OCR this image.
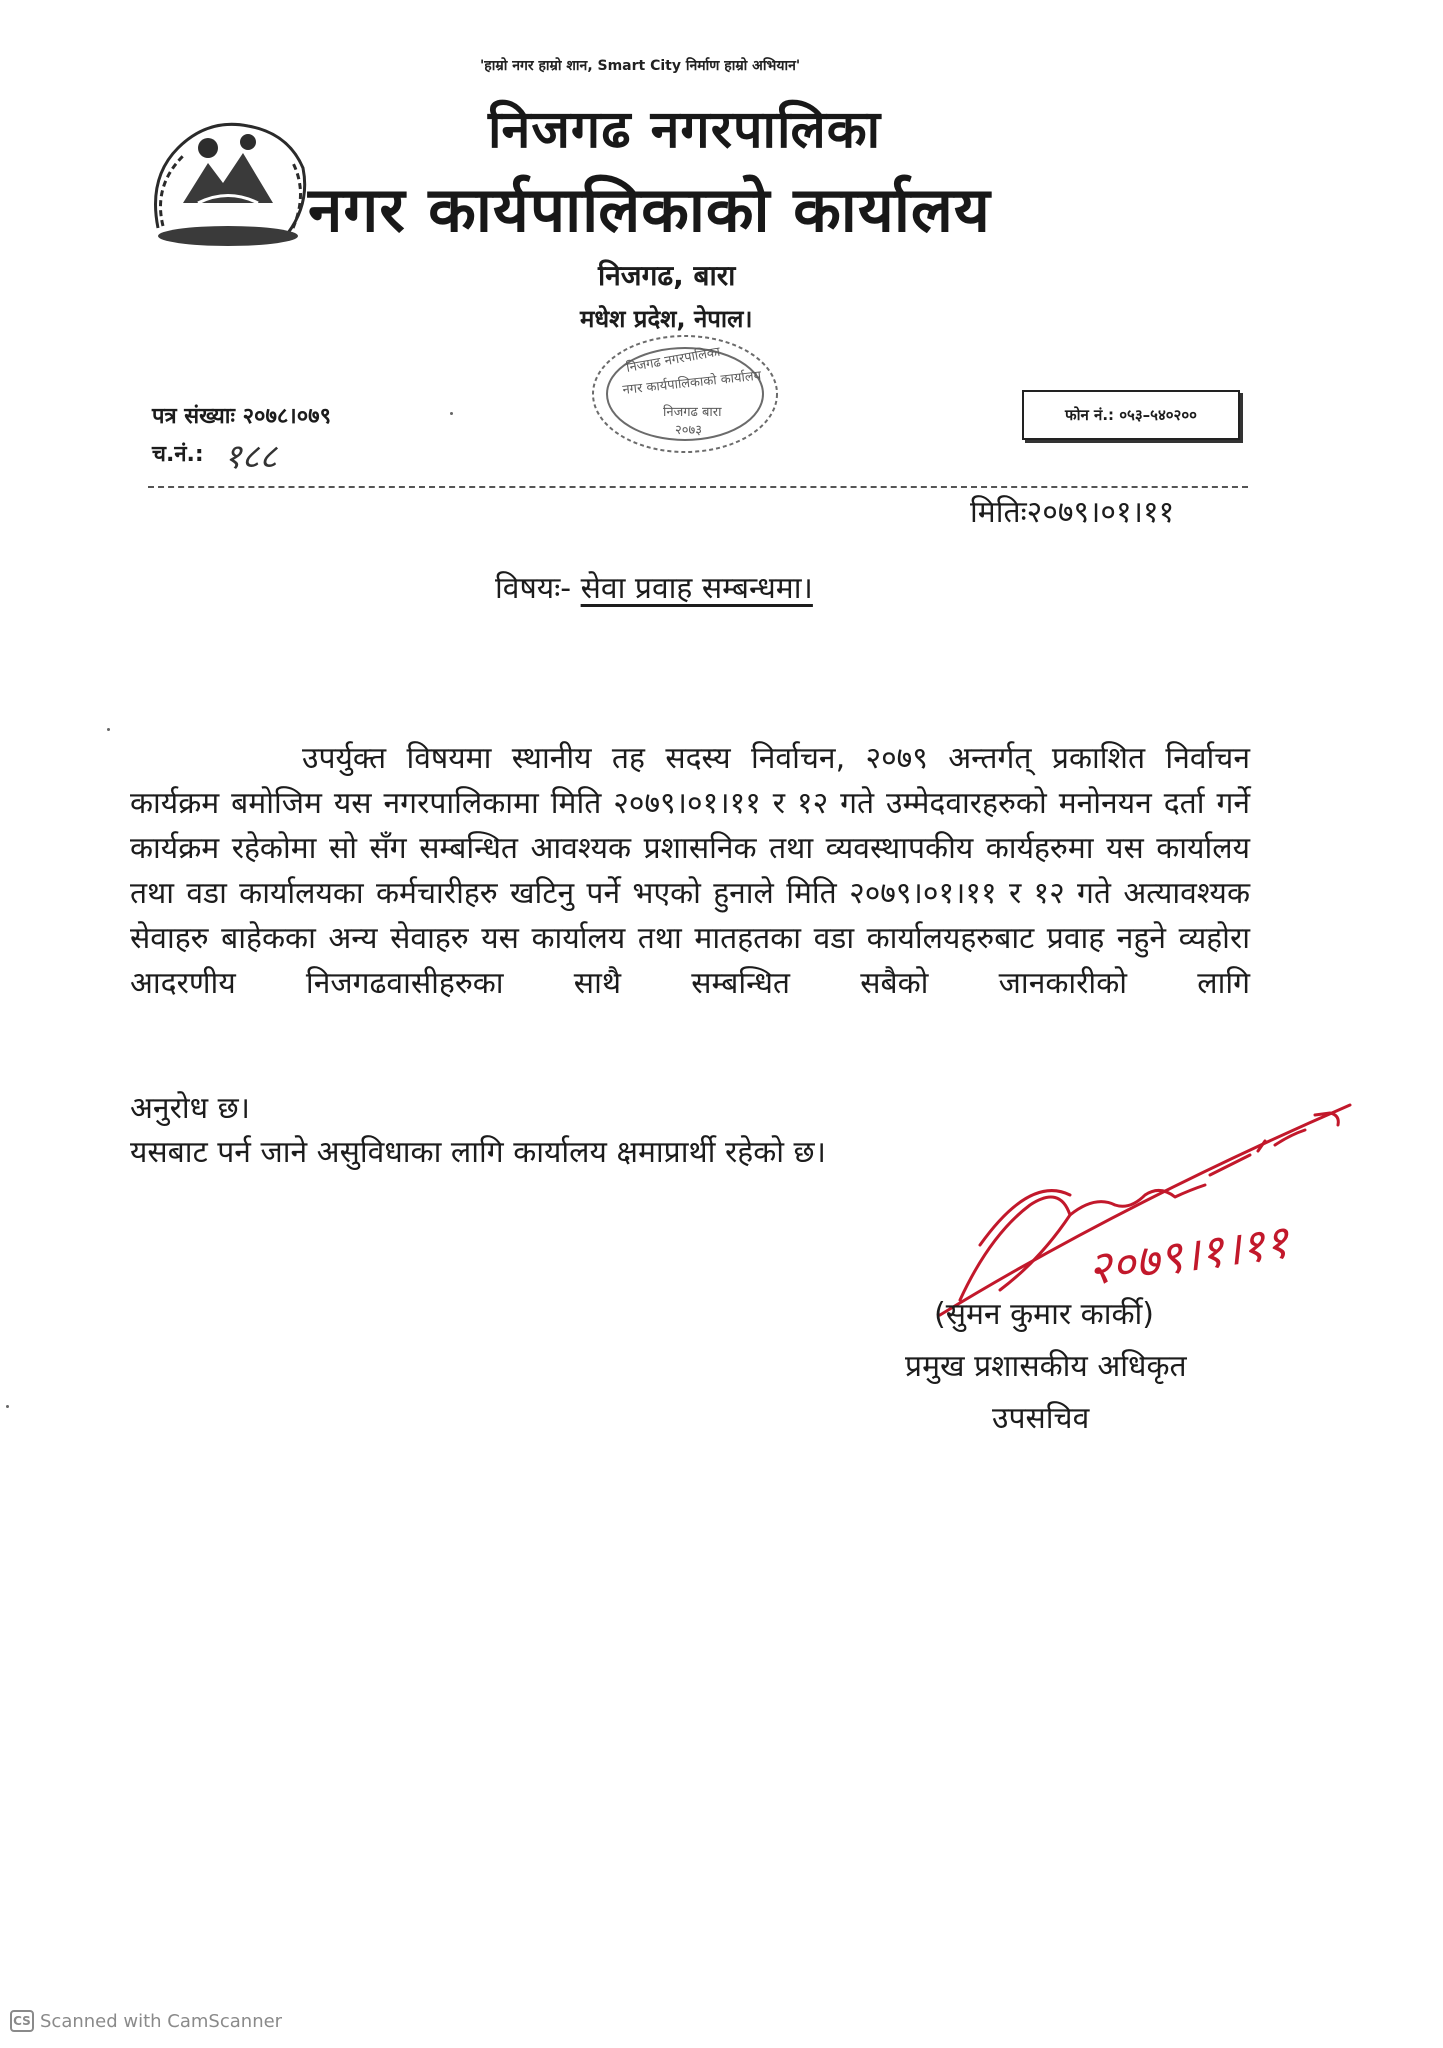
'हाम्रो नगर हाम्रो शान, Smart City निर्माण हाम्रो अभियान'
निजगढ नगरपालिका
नगर कार्यपालिकाको कार्यालय
निजगढ, बारा
मधेश प्रदेश, नेपाल।
निजगढ नगरपालिका
नगर कार्यपालिकाको कार्यालय
निजगढ बारा
२०७३
पत्र संख्याः २०७८।०७९
च.नं.: १८८
फोन नं.: ०५३–५४०२००
मितिः२०७९।०१।११
विषयः- सेवा प्रवाह सम्बन्धमा।
उपर्युक्त विषयमा स्थानीय तह सदस्य निर्वाचन, २०७९ अन्तर्गत् प्रकाशित निर्वाचन कार्यक्रम बमोजिम यस नगरपालिकामा मिति २०७९।०१।११ र १२ गते उम्मेदवारहरुको मनोनयन दर्ता गर्ने कार्यक्रम रहेकोमा सो सँग सम्बन्धित आवश्यक प्रशासनिक तथा व्यवस्थापकीय कार्यहरुमा यस कार्यालय तथा वडा कार्यालयका कर्मचारीहरु खटिनु पर्ने भएको हुनाले मिति २०७९।०१।११ र १२ गते अत्यावश्यक सेवाहरु बाहेकका अन्य सेवाहरु यस कार्यालय तथा मातहतका वडा कार्यालयहरुबाट प्रवाह नहुने व्यहोरा आदरणीय निजगढवासीहरुका साथै सम्बन्धित सबैको जानकारीको लागि
अनुरोध छ।
यसबाट पर्न जाने असुविधाका लागि कार्यालय क्षमाप्रार्थी रहेको छ।
२०७९।१।११
(सुमन कुमार कार्की)
प्रमुख प्रशासकीय अधिकृत
उपसचिव
CS Scanned with CamScanner
